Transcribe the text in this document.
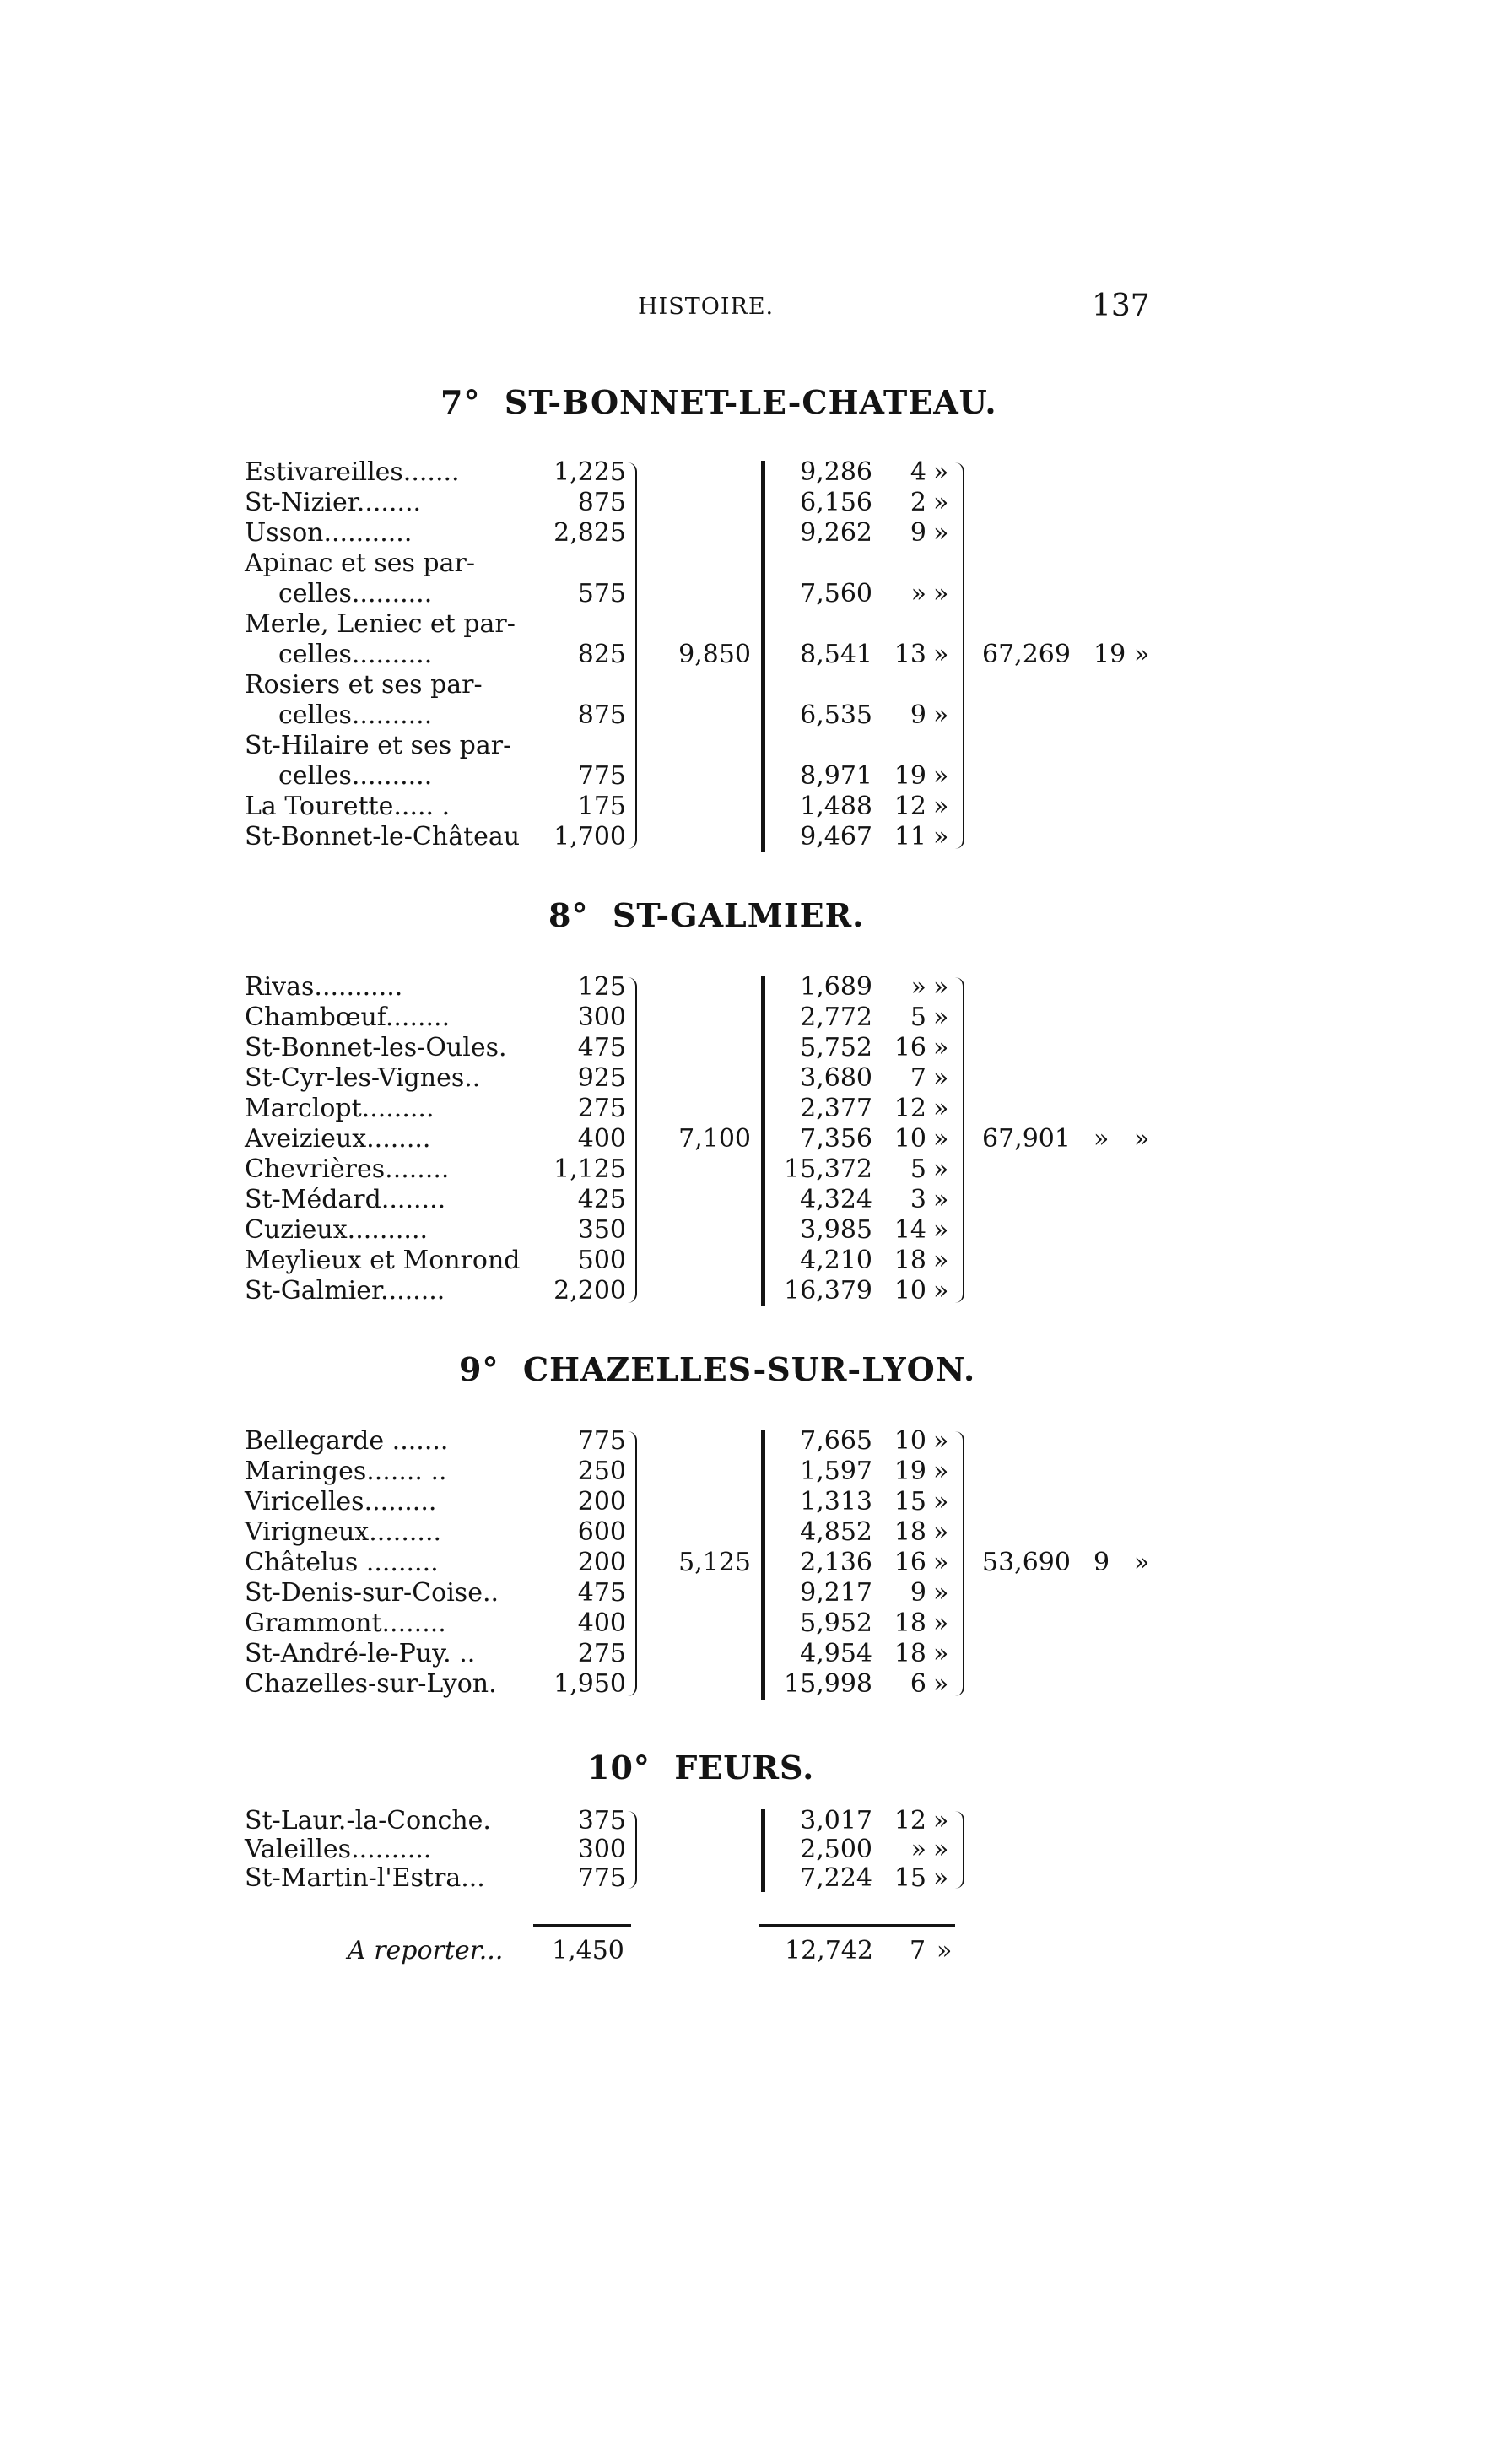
HISTOIRE.	137
7° ST-BONNET-LE-CHATEAU.
Estivareilles.......	1,225	9,286	4 »
St-Nizier........	875	6,156	2 »
Usson...........	2,825	9,262	9 »
Apinac et ses par-
celles..........	575	7,560	» »
Merle, Leniec et par-
celles..........	825	8,541 13 »
Rosiers et ses par-
celles..........	875	6,535	9 »
St-Hilaire et ses par-
celles..........	775	8,971 19 »
La Tourette..... .	175	1,488 12 »
St-Bonnet-le-Château	1,700	9,467 11 »
9,850	67,269 19 »
8° ST-GALMIER.
Rivas...........	125	1,689	» »
Chambœuf........	300	2,772	5 »
St-Bonnet-les-Oules.	475	5,752 16 »
St-Cyr-les-Vignes..	925	3,680	7 »
Marclopt.........	275	2,377 12 »
Aveizieux........	400	7,356 10 »
Chevrières........	1,125	15,372	5 »
St-Médard........	425	4,324	3 »
Cuzieux..........	350	3,985 14 »
Meylieux et Monrond	500	4,210 18 »
St-Galmier........	2,200	16,379 10 »
7,100	67,901 » »
9° CHAZELLES-SUR-LYON.
Bellegarde .......	775	7,665 10 »
Maringes....... ..	250	1,597 19 »
Viricelles.........	200	1,313 15 »
Virigneux.........	600	4,852 18 »
Châtelus .........	200	2,136 16 »
St-Denis-sur-Coise..	475	9,217	9 »
Grammont........	400	5,952 18 »
St-André-le-Puy. ..	275	4,954 18 »
Chazelles-sur-Lyon.	1,950	15,998	6 »
5,125	53,690 9 »
10° FEURS.
St-Laur.-la-Conche.	375	3,017 12 »
Valeilles..........	300	2,500	» »
St-Martin-l'Estra...	775	7,224 15 »
A reporter... 1,450	12,742 7 »
